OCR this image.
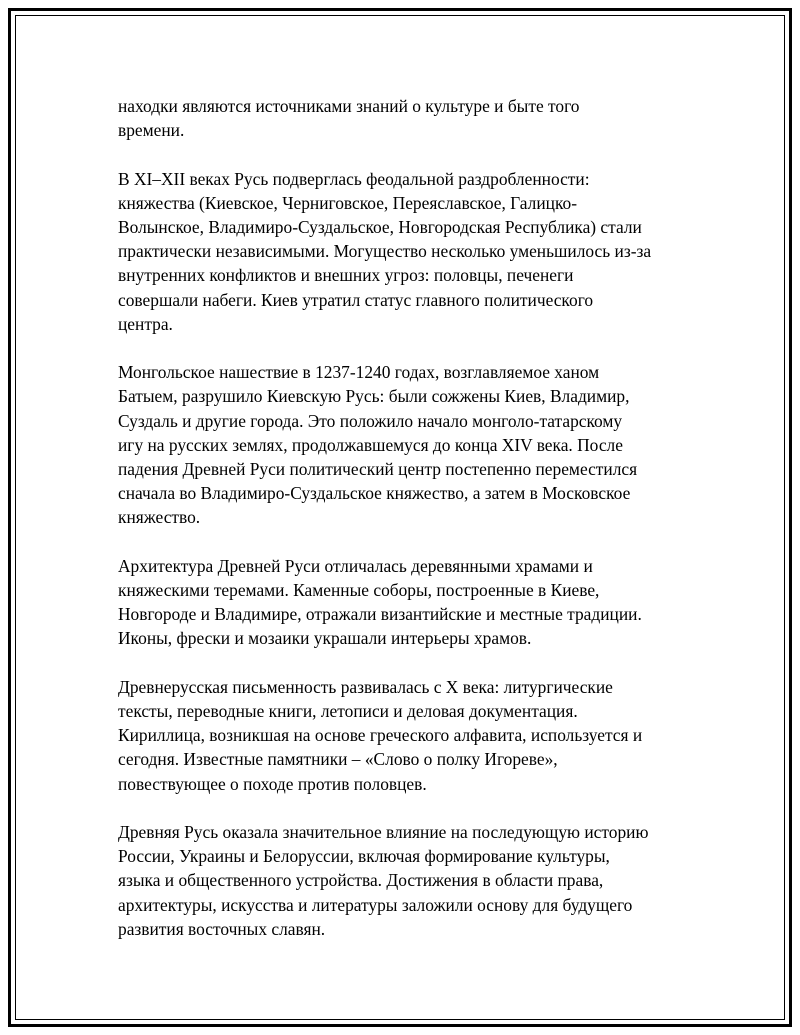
находки являются источниками знаний о культуре и быте того
времени.

В XI–XII веках Русь подверглась феодальной раздробленности:
княжества (Киевское, Черниговское, Переяславское, Галицко-
Волынское, Владимиро-Суздальское, Новгородская Республика) стали
практически независимыми. Могущество несколько уменьшилось из-за
внутренних конфликтов и внешних угроз: половцы, печенеги
совершали набеги. Киев утратил статус главного политического
центра.

Монгольское нашествие в 1237-1240 годах, возглавляемое ханом
Батыем, разрушило Киевскую Русь: были сожжены Киев, Владимир,
Суздаль и другие города. Это положило начало монголо-татарскому
игу на русских землях, продолжавшемуся до конца XIV века. После
падения Древней Руси политический центр постепенно переместился
сначала во Владимиро-Суздальское княжество, а затем в Московское
княжество.

Архитектура Древней Руси отличалась деревянными храмами и
княжескими теремами. Каменные соборы, построенные в Киеве,
Новгороде и Владимире, отражали византийские и местные традиции.
Иконы, фрески и мозаики украшали интерьеры храмов.

Древнерусская письменность развивалась с X века: литургические
тексты, переводные книги, летописи и деловая документация.
Кириллица, возникшая на основе греческого алфавита, используется и
сегодня. Известные памятники – «Слово о полку Игореве»,
повествующее о походе против половцев.

Древняя Русь оказала значительное влияние на последующую историю
России, Украины и Белоруссии, включая формирование культуры,
языка и общественного устройства. Достижения в области права,
архитектуры, искусства и литературы заложили основу для будущего
развития восточных славян.
